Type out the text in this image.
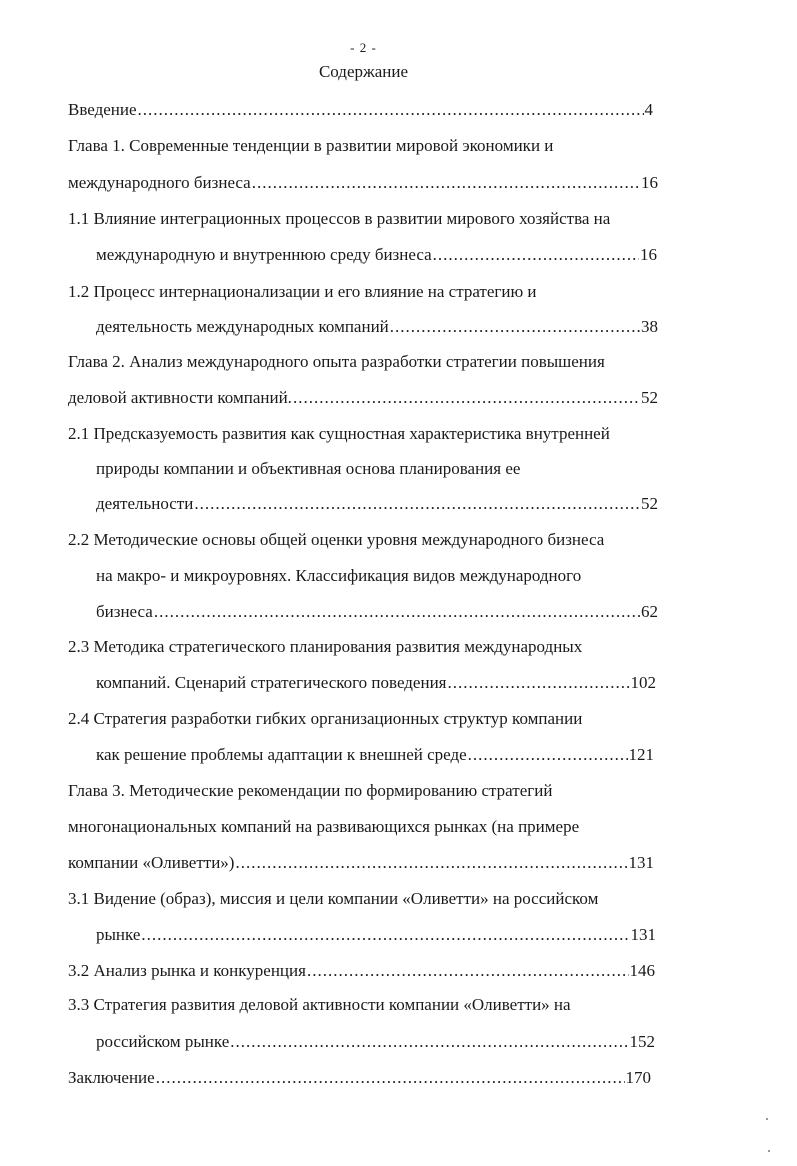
- 2 -
Содержание
Введение .....	4
Глава 1. Современные тенденции в развитии мировой экономики и
международного бизнеса .....	16
1.1 Влияние интеграционных процессов в развитии мирового хозяйства на
международную и внутреннюю среду бизнеса .....	16
1.2 Процесс интернационализации и его влияние на стратегию и
деятельность международных компаний .....	38
Глава 2. Анализ международного опыта разработки стратегии повышения
деловой активности компаний. .....	52
2.1 Предсказуемость развития как сущностная характеристика внутренней
природы компании и объективная основа планирования ее
деятельности .....	52
2.2 Методические основы общей оценки уровня международного бизнеса
на макро- и микроуровнях. Классификация видов международного
бизнеса .....	62
2.3 Методика стратегического планирования развития международных
компаний. Сценарий стратегического поведения .....	102
2.4 Стратегия разработки гибких организационных структур компании
как решение проблемы адаптации к внешней среде .....	121
Глава 3. Методические рекомендации по формированию стратегий
многонациональных компаний на развивающихся рынках (на примере
компании «Оливетти») .....	131
3.1 Видение (образ), миссия и цели компании «Оливетти» на российском
рынке .....	131
3.2 Анализ рынка и конкуренция .....	146
3.3 Стратегия развития деловой активности компании «Оливетти» на
российском рынке .....	152
Заключение .....	170
